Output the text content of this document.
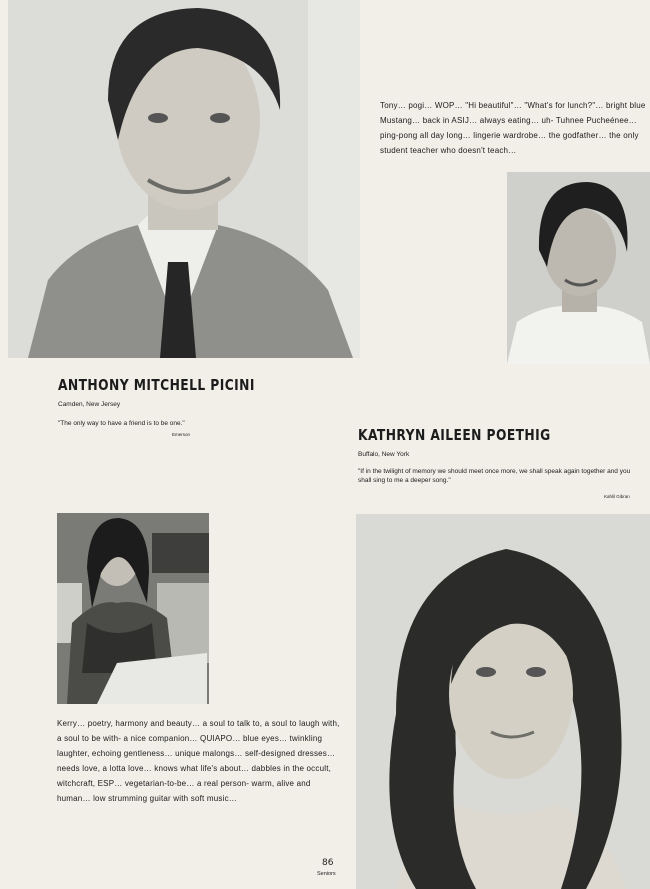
Tony… pogi… WOP… "Hi beautiful"… "What's for lunch?"… bright blue Mustang… back in ASIJ… always eating… uh- Tuhnee Pucheénee… ping-pong all day long… lingerie wardrobe… the godfather… the only student teacher who doesn't teach…
ANTHONY MITCHELL PICINI
Camden, New Jersey
"The only way to have a friend is to be one."
Emerson	KATHRYN AILEEN POETHIG
Buffalo, New York
"If in the twilight of memory we should meet once more, we shall speak again together and you shall sing to me a deeper song."
Kahlil Gibran
Kerry… poetry, harmony and beauty… a soul to talk to, a soul to laugh with, a soul to be with- a nice companion… QUIAPO… blue eyes… twinkling laughter, echoing gentleness… unique malongs… self-designed dresses… needs love, a lotta love… knows what life's about… dabbles in the occult, witchcraft, ESP… vegetarian-to-be… a real person- warm, alive and human… low strumming guitar with soft music…
86
Seniors
